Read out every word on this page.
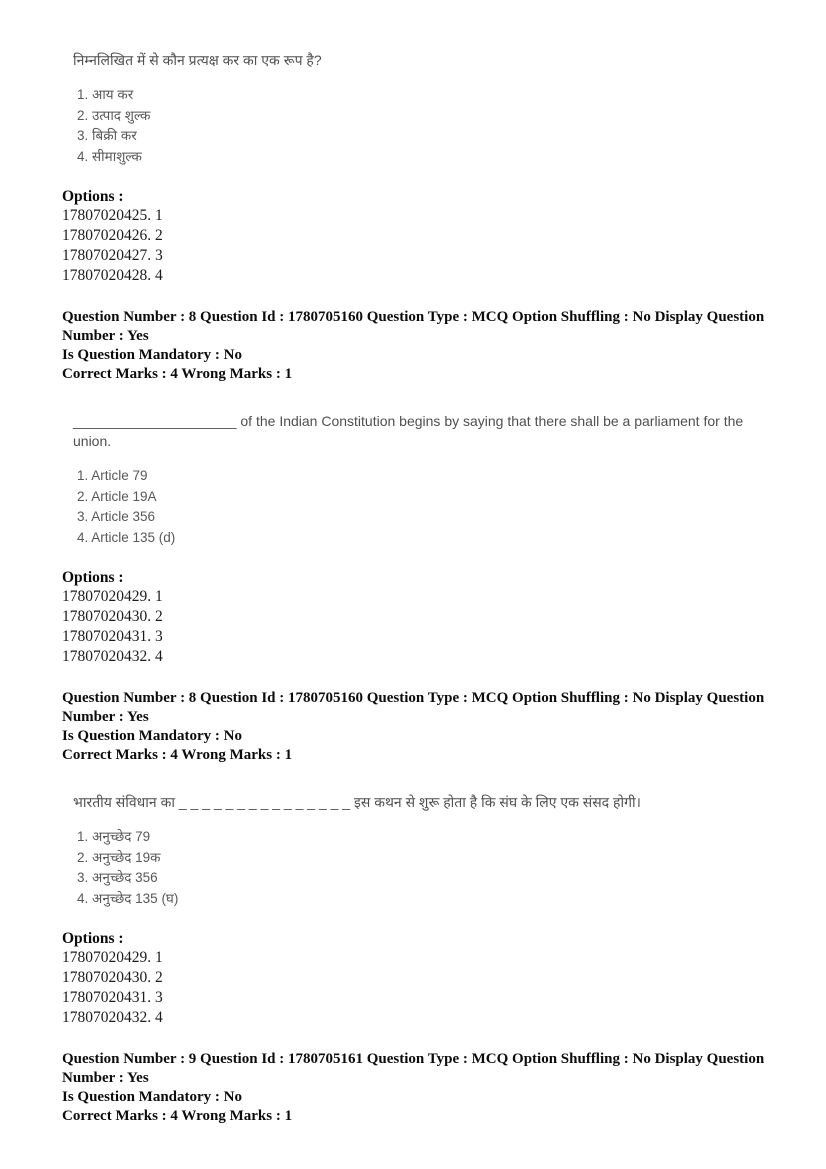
निम्नलिखित में से कौन प्रत्यक्ष कर का एक रूप है?
1. आय कर
2. उत्पाद शुल्क
3. बिक्री कर
4. सीमाशुल्क
Options :
17807020425. 1
17807020426. 2
17807020427. 3
17807020428. 4
Question Number : 8 Question Id : 1780705160 Question Type : MCQ Option Shuffling : No Display Question Number : Yes
Is Question Mandatory : No
Correct Marks : 4 Wrong Marks : 1
_____________________ of the Indian Constitution begins by saying that there shall be a parliament for the union.
1. Article 79
2. Article 19A
3. Article 356
4. Article 135 (d)
Options :
17807020429. 1
17807020430. 2
17807020431. 3
17807020432. 4
Question Number : 8 Question Id : 1780705160 Question Type : MCQ Option Shuffling : No Display Question Number : Yes
Is Question Mandatory : No
Correct Marks : 4 Wrong Marks : 1
भारतीय संविधान का _ _ _ _ _ _ _ _ _ _ _ _ _ _ _ इस कथन से शुरू होता है कि संघ के लिए एक संसद होगी।
1. अनुच्छेद 79
2. अनुच्छेद 19क
3. अनुच्छेद 356
4. अनुच्छेद 135 (घ)
Options :
17807020429. 1
17807020430. 2
17807020431. 3
17807020432. 4
Question Number : 9 Question Id : 1780705161 Question Type : MCQ Option Shuffling : No Display Question Number : Yes
Is Question Mandatory : No
Correct Marks : 4 Wrong Marks : 1
